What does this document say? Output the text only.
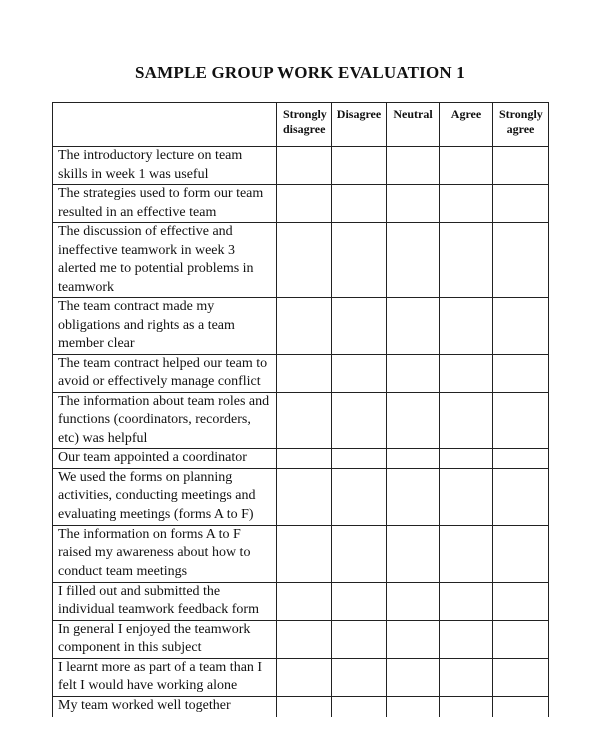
SAMPLE GROUP WORK EVALUATION 1
	Strongly disagree	Disagree	Neutral	Agree	Strongly agree
The introductory lecture on team skills in week 1 was useful					
The strategies used to form our team resulted in an effective team					
The discussion of effective and ineffective teamwork in week 3 alerted me to potential problems in teamwork					
The team contract made my obligations and rights as a team member clear					
The team contract helped our team to avoid or effectively manage conflict					
The information about team roles and functions (coordinators, recorders, etc) was helpful					
Our team appointed a coordinator					
We used the forms on planning activities, conducting meetings and evaluating meetings (forms A to F)					
The information on forms A to F raised my awareness about how to conduct team meetings					
I filled out and submitted the individual teamwork feedback form					
In general I enjoyed the teamwork component in this subject					
I learnt more as part of a team than I felt I would have working alone					
My team worked well together					
